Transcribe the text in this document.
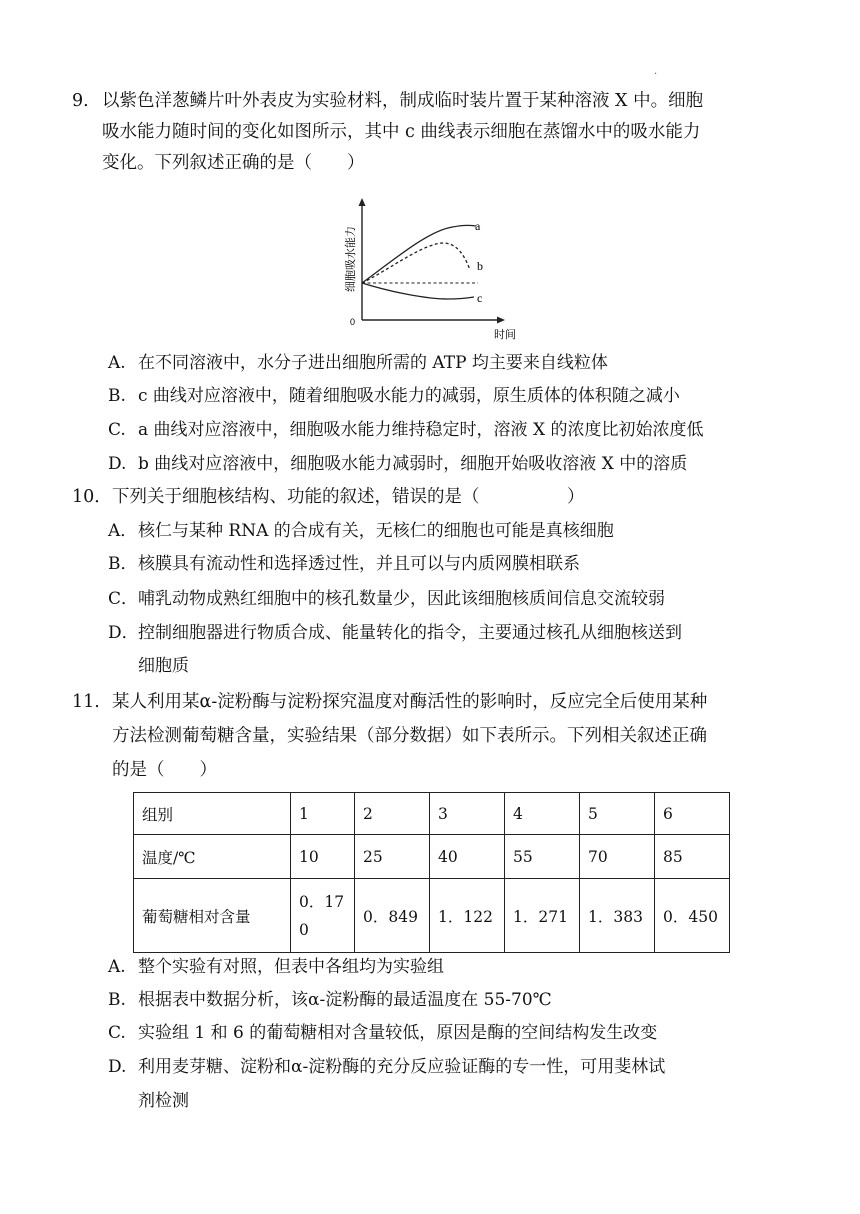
.
9. 以紫色洋葱鳞片叶外表皮为实验材料，制成临时装片置于某种溶液 X 中。细胞
吸水能力随时间的变化如图所示，其中 c 曲线表示细胞在蒸馏水中的吸水能力
变化。下列叙述正确的是（　　）
a
b
c
0
时间
细胞吸水能力
A. 在不同溶液中，水分子进出细胞所需的 ATP 均主要来自线粒体
B. c 曲线对应溶液中，随着细胞吸水能力的减弱，原生质体的体积随之减小
C. a 曲线对应溶液中，细胞吸水能力维持稳定时，溶液 X 的浓度比初始浓度低
D. b 曲线对应溶液中，细胞吸水能力减弱时，细胞开始吸收溶液 X 中的溶质
10． 下列关于细胞核结构、功能的叙述，错误的是（　　　　　）
A．核仁与某种 RNA 的合成有关，无核仁的细胞也可能是真核细胞
B．核膜具有流动性和选择透过性，并且可以与内质网膜相联系
C．哺乳动物成熟红细胞中的核孔数量少，因此该细胞核质间信息交流较弱
D．控制细胞器进行物质合成、能量转化的指令，主要通过核孔从细胞核送到
细胞质
11. 某人利用某α-淀粉酶与淀粉探究温度对酶活性的影响时，反应完全后使用某种
方法检测葡萄糖含量，实验结果（部分数据）如下表所示。下列相关叙述正确
的是（　　）
组别	1	2	3	4	5	6
温度/℃	10	25	40	55	70	85
葡萄糖相对含量	0．170	0．849	1．122	1．271	1．383	0．450
A. 整个实验有对照，但表中各组均为实验组
B. 根据表中数据分析，该α-淀粉酶的最适温度在 55-70℃
C. 实验组 1 和 6 的葡萄糖相对含量较低，原因是酶的空间结构发生改变
D. 利用麦芽糖、淀粉和α-淀粉酶的充分反应验证酶的专一性，可用斐林试
剂检测
